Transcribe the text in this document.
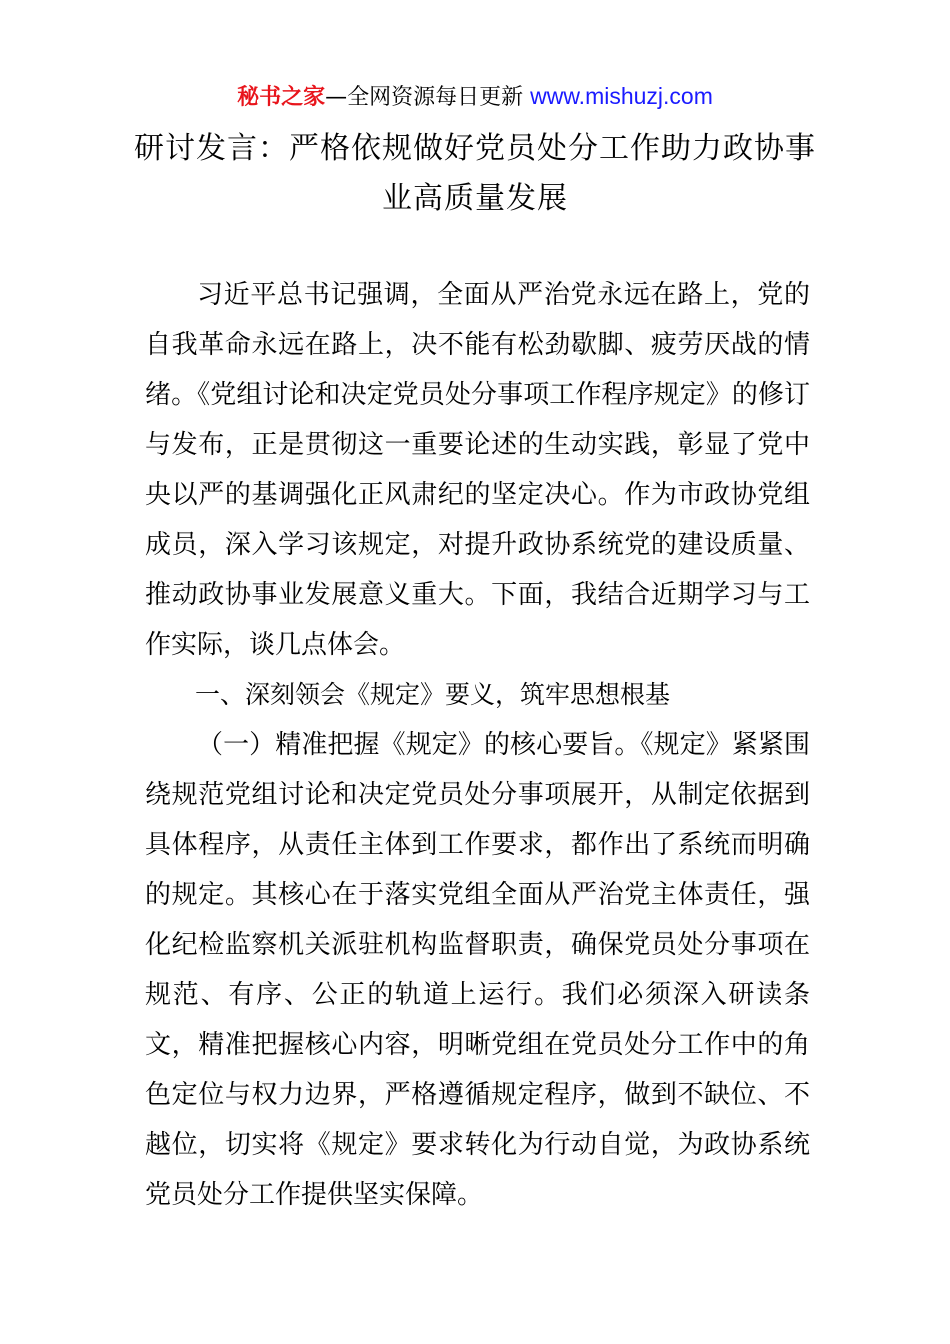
秘书之家—全网资源每日更新 www.mishuzj.com
研讨发言：严格依规做好党员处分工作助力政协事业高质量发展

习近平总书记强调，全面从严治党永远在路上，党的自我革命永远在路上，决不能有松劲歇脚、疲劳厌战的情绪。《党组讨论和决定党员处分事项工作程序规定》的修订与发布，正是贯彻这一重要论述的生动实践，彰显了党中央以严的基调强化正风肃纪的坚定决心。作为市政协党组成员，深入学习该规定，对提升政协系统党的建设质量、推动政协事业发展意义重大。下面，我结合近期学习与工作实际，谈几点体会。

一、深刻领会《规定》要义，筑牢思想根基

（一）精准把握《规定》的核心要旨。《规定》紧紧围绕规范党组讨论和决定党员处分事项展开，从制定依据到具体程序，从责任主体到工作要求，都作出了系统而明确的规定。其核心在于落实党组全面从严治党主体责任，强化纪检监察机关派驻机构监督职责，确保党员处分事项在规范、有序、公正的轨道上运行。我们必须深入研读条文，精准把握核心内容，明晰党组在党员处分工作中的角色定位与权力边界，严格遵循规定程序，做到不缺位、不越位，切实将《规定》要求转化为行动自觉，为政协系统党员处分工作提供坚实保障。
